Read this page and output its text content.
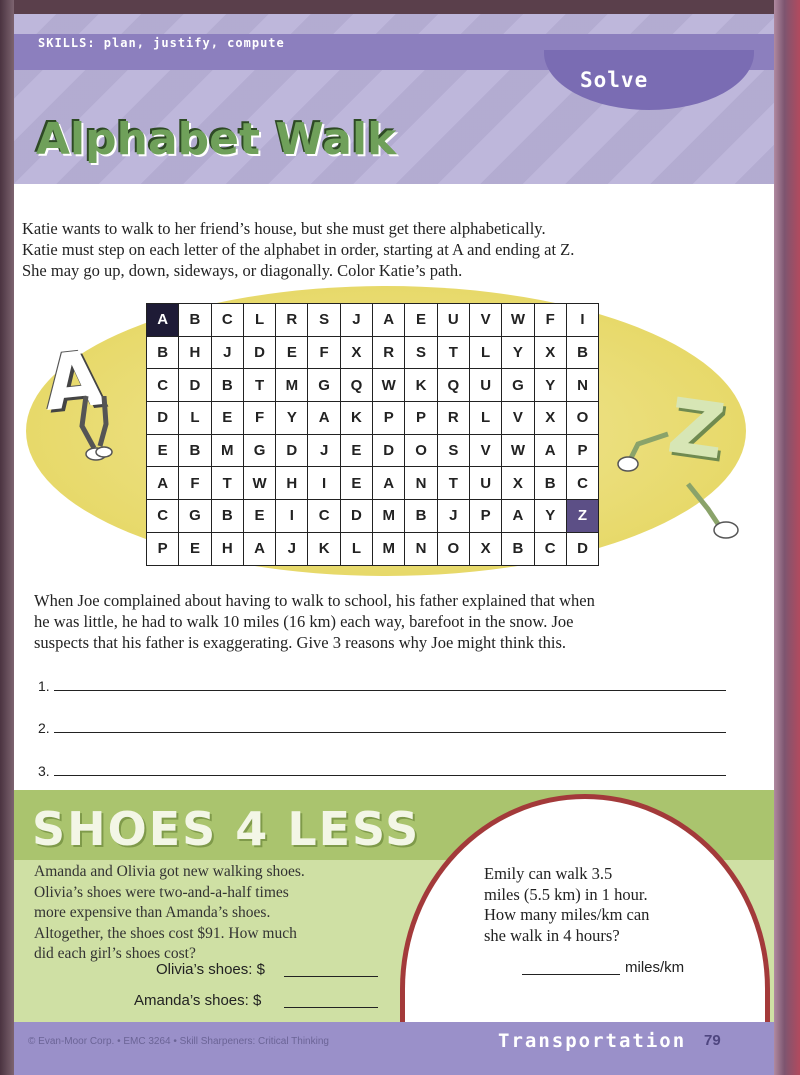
SKILLS: plan, justify, compute
Solve
Alphabet Walk
Katie wants to walk to her friend’s house, but she must get there alphabetically.
Katie must step on each letter of the alphabet in order, starting at A and ending at Z.
She may go up, down, sideways, or diagonally. Color Katie’s path.
A
Z
A	B	C	L	R	S	J	A	E	U	V	W	F	I
B	H	J	D	E	F	X	R	S	T	L	Y	X	B
C	D	B	T	M	G	Q	W	K	Q	U	G	Y	N
D	L	E	F	Y	A	K	P	P	R	L	V	X	O
E	B	M	G	D	J	E	D	O	S	V	W	A	P
A	F	T	W	H	I	E	A	N	T	U	X	B	C
C	G	B	E	I	C	D	M	B	J	P	A	Y	Z
P	E	H	A	J	K	L	M	N	O	X	B	C	D
When Joe complained about having to walk to school, his father explained that when
he was little, he had to walk 10 miles (16 km) each way, barefoot in the snow. Joe
suspects that his father is exaggerating. Give 3 reasons why Joe might think this.
1.
2.
3.
SHOES 4 LESS
Amanda and Olivia got new walking shoes.
Olivia’s shoes were two-and-a-half times
more expensive than Amanda’s shoes.
Altogether, the shoes cost $91. How much
did each girl’s shoes cost?
Olivia’s shoes: $
Amanda’s shoes: $
Emily can walk 3.5
miles (5.5 km) in 1 hour.
How many miles/km can
she walk in 4 hours?
miles/km
© Evan-Moor Corp. • EMC 3264 • Skill Sharpeners: Critical Thinking	Transportation 79
